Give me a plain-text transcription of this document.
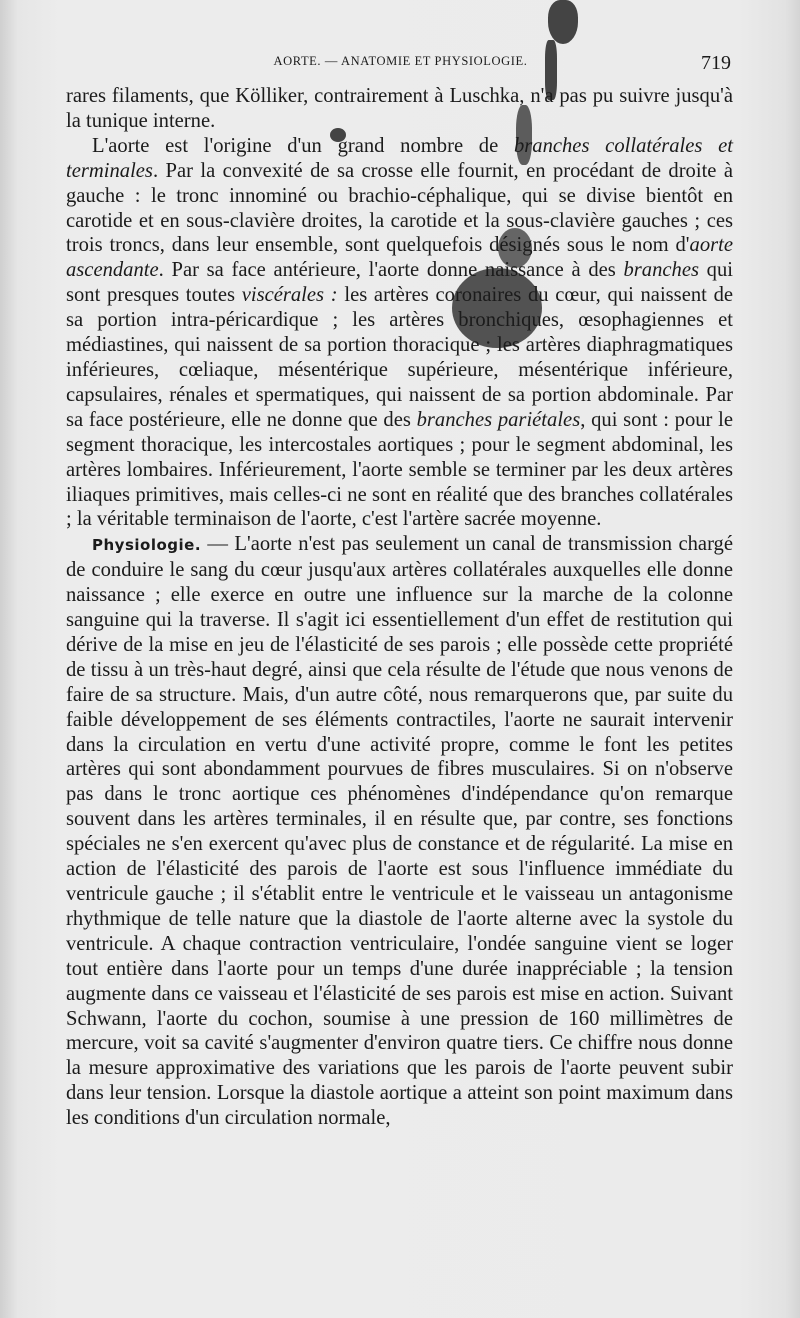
AORTE. — ANATOMIE ET PHYSIOLOGIE.	719

rares filaments, que Kölliker, contrairement à Luschka, n'a pas pu suivre jusqu'à la tunique interne.

L'aorte est l'origine d'un grand nombre de branches collatérales et terminales. Par la convexité de sa crosse elle fournit, en procédant de droite à gauche : le tronc innominé ou brachio-céphalique, qui se divise bientôt en carotide et en sous-clavière droites, la carotide et la sous-clavière gauches ; ces trois troncs, dans leur ensemble, sont quelquefois désignés sous le nom d'aorte ascendante. Par sa face antérieure, l'aorte donne naissance à des branches qui sont presques toutes viscérales : les artères coronaires du cœur, qui naissent de sa portion intra-péricardique ; les artères bronchiques, œsophagiennes et médiastines, qui naissent de sa portion thoracique ; les artères diaphragmatiques inférieures, cœliaque, mésentérique supérieure, mésentérique inférieure, capsulaires, rénales et spermatiques, qui naissent de sa portion abdominale. Par sa face postérieure, elle ne donne que des branches pariétales, qui sont : pour le segment thoracique, les intercostales aortiques ; pour le segment abdominal, les artères lombaires. Inférieurement, l'aorte semble se terminer par les deux artères iliaques primitives, mais celles-ci ne sont en réalité que des branches collatérales ; la véritable terminaison de l'aorte, c'est l'artère sacrée moyenne.

Physiologie. — L'aorte n'est pas seulement un canal de transmission chargé de conduire le sang du cœur jusqu'aux artères collatérales auxquelles elle donne naissance ; elle exerce en outre une influence sur la marche de la colonne sanguine qui la traverse. Il s'agit ici essentiellement d'un effet de restitution qui dérive de la mise en jeu de l'élasticité de ses parois ; elle possède cette propriété de tissu à un très-haut degré, ainsi que cela résulte de l'étude que nous venons de faire de sa structure. Mais, d'un autre côté, nous remarquerons que, par suite du faible développement de ses éléments contractiles, l'aorte ne saurait intervenir dans la circulation en vertu d'une activité propre, comme le font les petites artères qui sont abondamment pourvues de fibres musculaires. Si on n'observe pas dans le tronc aortique ces phénomènes d'indépendance qu'on remarque souvent dans les artères terminales, il en résulte que, par contre, ses fonctions spéciales ne s'en exercent qu'avec plus de constance et de régularité. La mise en action de l'élasticité des parois de l'aorte est sous l'influence immédiate du ventricule gauche ; il s'établit entre le ventricule et le vaisseau un antagonisme rhythmique de telle nature que la diastole de l'aorte alterne avec la systole du ventricule. A chaque contraction ventriculaire, l'ondée sanguine vient se loger tout entière dans l'aorte pour un temps d'une durée inappréciable ; la tension augmente dans ce vaisseau et l'élasticité de ses parois est mise en action. Suivant Schwann, l'aorte du cochon, soumise à une pression de 160 millimètres de mercure, voit sa cavité s'augmenter d'environ quatre tiers. Ce chiffre nous donne la mesure approximative des variations que les parois de l'aorte peuvent subir dans leur tension. Lorsque la diastole aortique a atteint son point maximum dans les conditions d'un circulation normale,
